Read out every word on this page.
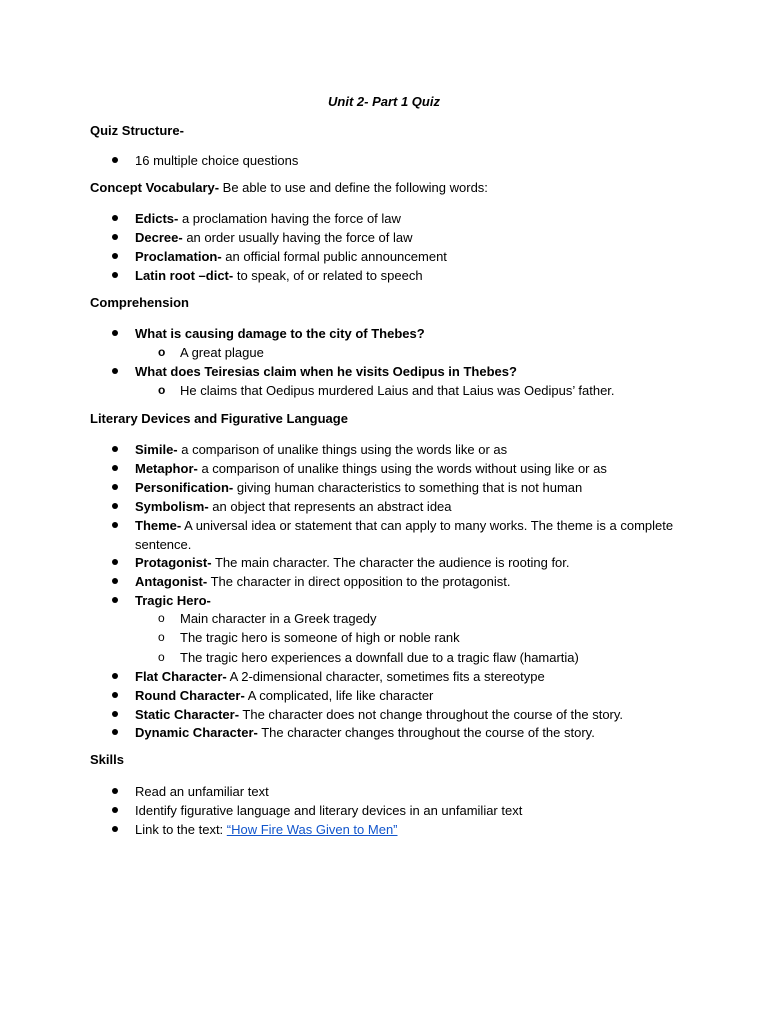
Unit 2- Part 1 Quiz
Quiz Structure-
16 multiple choice questions
Concept Vocabulary- Be able to use and define the following words:
Edicts- a proclamation having the force of law
Decree- an order usually having the force of law
Proclamation- an official formal public announcement
Latin root –dict- to speak, of or related to speech
Comprehension
What is causing damage to the city of Thebes?
o A great plague
What does Teiresias claim when he visits Oedipus in Thebes?
o He claims that Oedipus murdered Laius and that Laius was Oedipus’ father.
Literary Devices and Figurative Language
Simile- a comparison of unalike things using the words like or as
Metaphor- a comparison of unalike things using the words without using like or as
Personification- giving human characteristics to something that is not human
Symbolism- an object that represents an abstract idea
Theme- A universal idea or statement that can apply to many works. The theme is a complete sentence.
Protagonist- The main character. The character the audience is rooting for.
Antagonist- The character in direct opposition to the protagonist.
Tragic Hero-
o Main character in a Greek tragedy
o The tragic hero is someone of high or noble rank
o The tragic hero experiences a downfall due to a tragic flaw (hamartia)
Flat Character- A 2-dimensional character, sometimes fits a stereotype
Round Character- A complicated, life like character
Static Character- The character does not change throughout the course of the story.
Dynamic Character- The character changes throughout the course of the story.
Skills
Read an unfamiliar text
Identify figurative language and literary devices in an unfamiliar text
Link to the text: “How Fire Was Given to Men”
